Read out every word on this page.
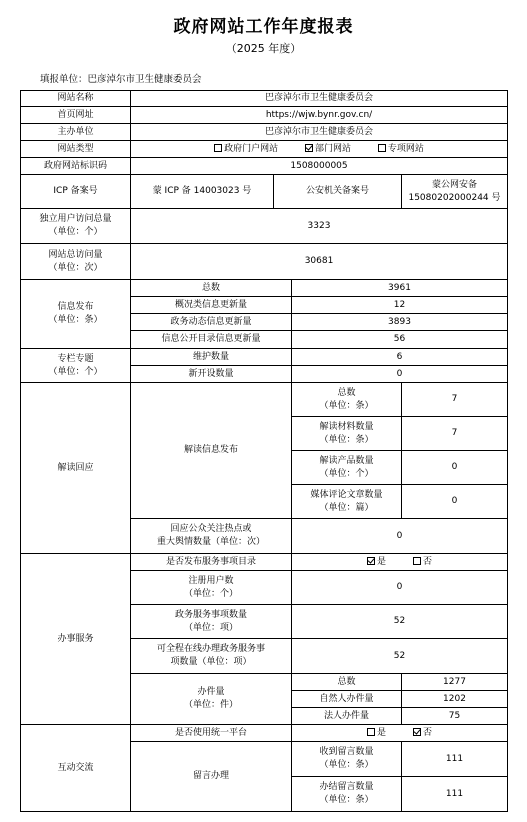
政府网站工作年度报表
（2025 年度）
填报单位：巴彦淖尔市卫生健康委员会
网站名称	巴彦淖尔市卫生健康委员会			
首页网址	https://wjw.bynr.gov.cn/			
主办单位	巴彦淖尔市卫生健康委员会			
网站类型	政府门户网站 部门网站 专项网站			
政府网站标识码	1508000005			
ICP 备案号	蒙 ICP 备 14003023 号	公安机关备案号		蒙公网安备
15080202000244 号

独立用户访问总量
（单位：个）	3323			

网站总访问量
（单位：次）	30681			

信息发布
（单位：条）	总数		3961	
	概况类信息更新量		12	
	政务动态信息更新量		3893	
	信息公开目录信息更新量		56	

专栏专题
（单位：个）	维护数量		6	
	新开设数量		0	
解读回应	解读信息发布		总数
（单位：条）	7

			解读材料数量
（单位：条）	7

			解读产品数量
（单位：个）	0

			媒体评论文章数量
（单位：篇）	0

	回应公众关注热点或
重大舆情数量（单位：次）		0	
办事服务	是否发布服务事项目录		是 否	

	注册用户数
（单位：个）		0	

	政务服务事项数量
（单位：项）		52	

	可全程在线办理政务服务事
项数量（单位：项）		52	

	办件量
（单位：件）		总数	1277
			自然人办件量	1202
			法人办件量	75
互动交流	是否使用统一平台		是 否	
	留言办理		收到留言数量
（单位：条）	111

			办结留言数量
（单位：条）	111
